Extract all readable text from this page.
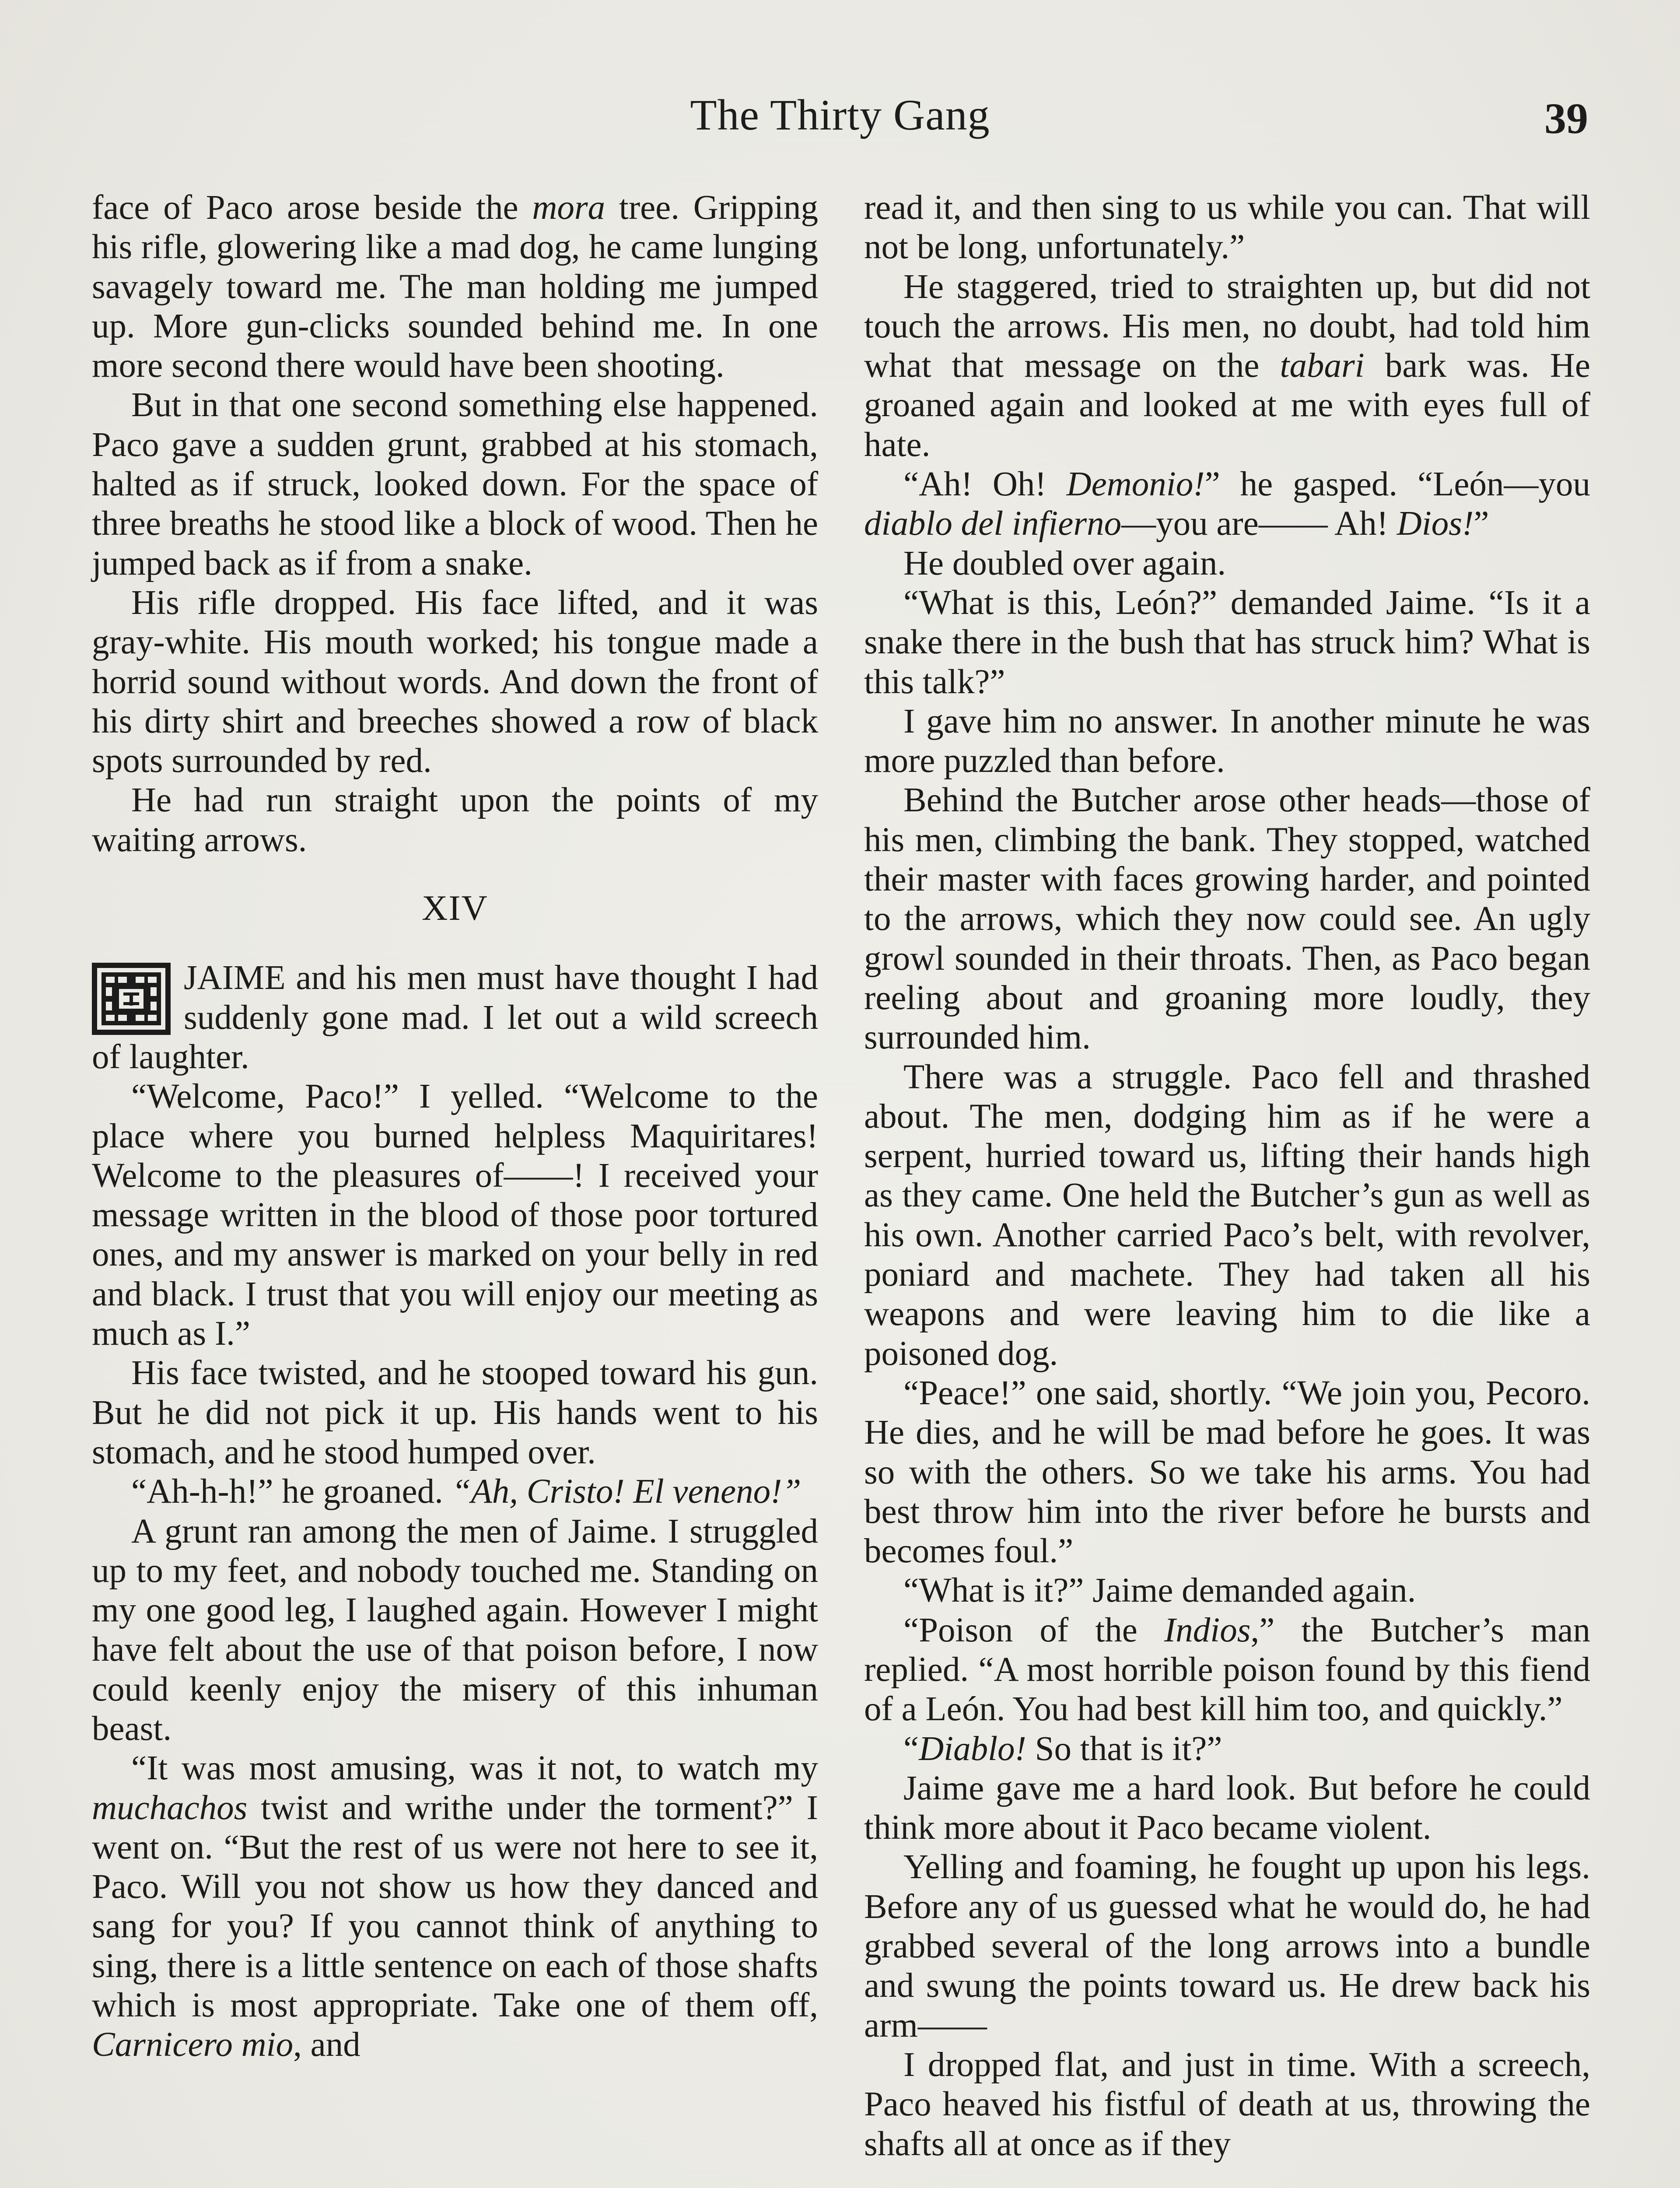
The Thirty Gang	39

face of Paco arose beside the mora tree. Gripping his rifle, glowering like a mad dog, he came lunging savagely toward me. The man holding me jumped up. More gun-clicks sounded behind me. In one more second there would have been shooting.

But in that one second something else happened. Paco gave a sudden grunt, grabbed at his stomach, halted as if struck, looked down. For the space of three breaths he stood like a block of wood. Then he jumped back as if from a snake.

His rifle dropped. His face lifted, and it was gray-white. His mouth worked; his tongue made a horrid sound without words. And down the front of his dirty shirt and breeches showed a row of black spots surrounded by red.

He had run straight upon the points of my waiting arrows.

XIV

JAIME and his men must have thought I had suddenly gone mad. I let out a wild screech of laughter.

“Welcome, Paco!” I yelled. “Welcome to the place where you burned helpless Maquiritares! Welcome to the pleasures of——! I received your message written in the blood of those poor tortured ones, and my answer is marked on your belly in red and black. I trust that you will enjoy our meeting as much as I.”

His face twisted, and he stooped toward his gun. But he did not pick it up. His hands went to his stomach, and he stood humped over.

“Ah-h-h!” he groaned. “Ah, Cristo! El veneno!”

A grunt ran among the men of Jaime. I struggled up to my feet, and nobody touched me. Standing on my one good leg, I laughed again. However I might have felt about the use of that poison before, I now could keenly enjoy the misery of this inhuman beast.

“It was most amusing, was it not, to watch my muchachos twist and writhe under the torment?” I went on. “But the rest of us were not here to see it, Paco. Will you not show us how they danced and sang for you? If you cannot think of anything to sing, there is a little sentence on each of those shafts which is most appropriate. Take one of them off, Carnicero mio, and

read it, and then sing to us while you can. That will not be long, unfortunately.”

He staggered, tried to straighten up, but did not touch the arrows. His men, no doubt, had told him what that message on the tabari bark was. He groaned again and looked at me with eyes full of hate.

“Ah! Oh! Demonio!” he gasped. “León—you diablo del infierno—you are—— Ah! Dios!”

He doubled over again.

“What is this, León?” demanded Jaime. “Is it a snake there in the bush that has struck him? What is this talk?”

I gave him no answer. In another minute he was more puzzled than before.

Behind the Butcher arose other heads—those of his men, climbing the bank. They stopped, watched their master with faces growing harder, and pointed to the arrows, which they now could see. An ugly growl sounded in their throats. Then, as Paco began reeling about and groaning more loudly, they surrounded him.

There was a struggle. Paco fell and thrashed about. The men, dodging him as if he were a serpent, hurried toward us, lifting their hands high as they came. One held the Butcher’s gun as well as his own. Another carried Paco’s belt, with revolver, poniard and machete. They had taken all his weapons and were leaving him to die like a poisoned dog.

“Peace!” one said, shortly. “We join you, Pecoro. He dies, and he will be mad before he goes. It was so with the others. So we take his arms. You had best throw him into the river before he bursts and becomes foul.”

“What is it?” Jaime demanded again.

“Poison of the Indios,” the Butcher’s man replied. “A most horrible poison found by this fiend of a León. You had best kill him too, and quickly.”

“Diablo! So that is it?”

Jaime gave me a hard look. But before he could think more about it Paco became violent.

Yelling and foaming, he fought up upon his legs. Before any of us guessed what he would do, he had grabbed several of the long arrows into a bundle and swung the points toward us. He drew back his arm——

I dropped flat, and just in time. With a screech, Paco heaved his fistful of death at us, throwing the shafts all at once as if they
